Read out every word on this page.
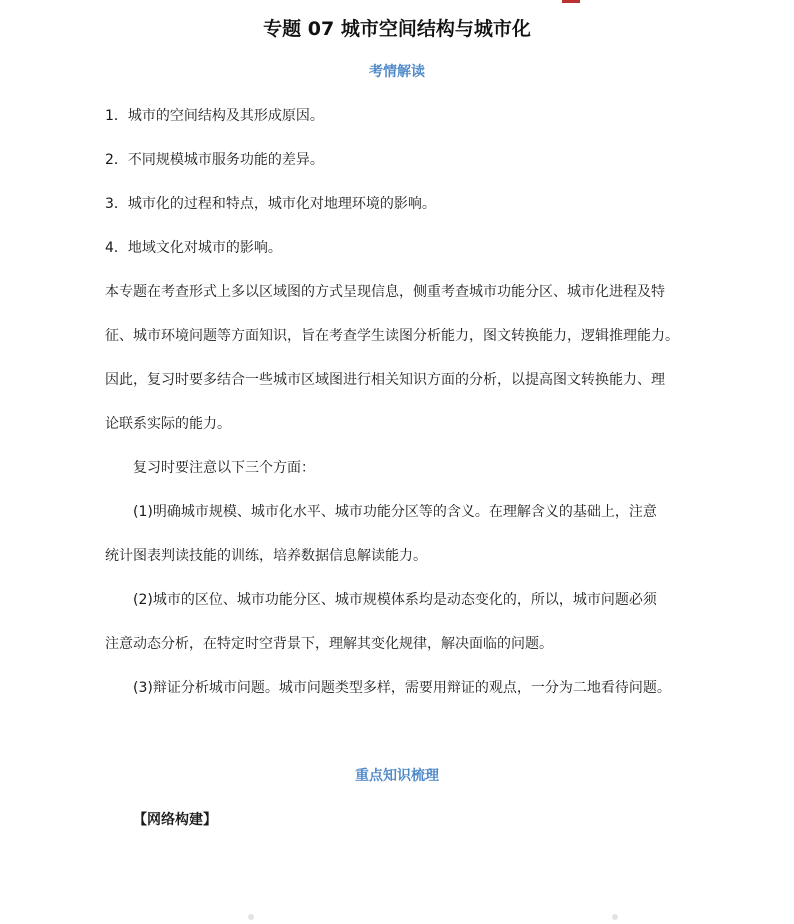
专题 07 城市空间结构与城市化
考情解读
1．城市的空间结构及其形成原因。
2．不同规模城市服务功能的差异。
3．城市化的过程和特点，城市化对地理环境的影响。
4．地域文化对城市的影响。
本专题在考查形式上多以区域图的方式呈现信息，侧重考查城市功能分区、城市化进程及特
征、城市环境问题等方面知识，旨在考查学生读图分析能力，图文转换能力，逻辑推理能力。
因此，复习时要多结合一些城市区域图进行相关知识方面的分析，以提高图文转换能力、理
论联系实际的能力。
复习时要注意以下三个方面：
(1)明确城市规模、城市化水平、城市功能分区等的含义。在理解含义的基础上，注意
统计图表判读技能的训练，培养数据信息解读能力。
(2)城市的区位、城市功能分区、城市规模体系均是动态变化的，所以，城市问题必须
注意动态分析，在特定时空背景下，理解其变化规律，解决面临的问题。
(3)辩证分析城市问题。城市问题类型多样，需要用辩证的观点，一分为二地看待问题。
重点知识梳理
【网络构建】
